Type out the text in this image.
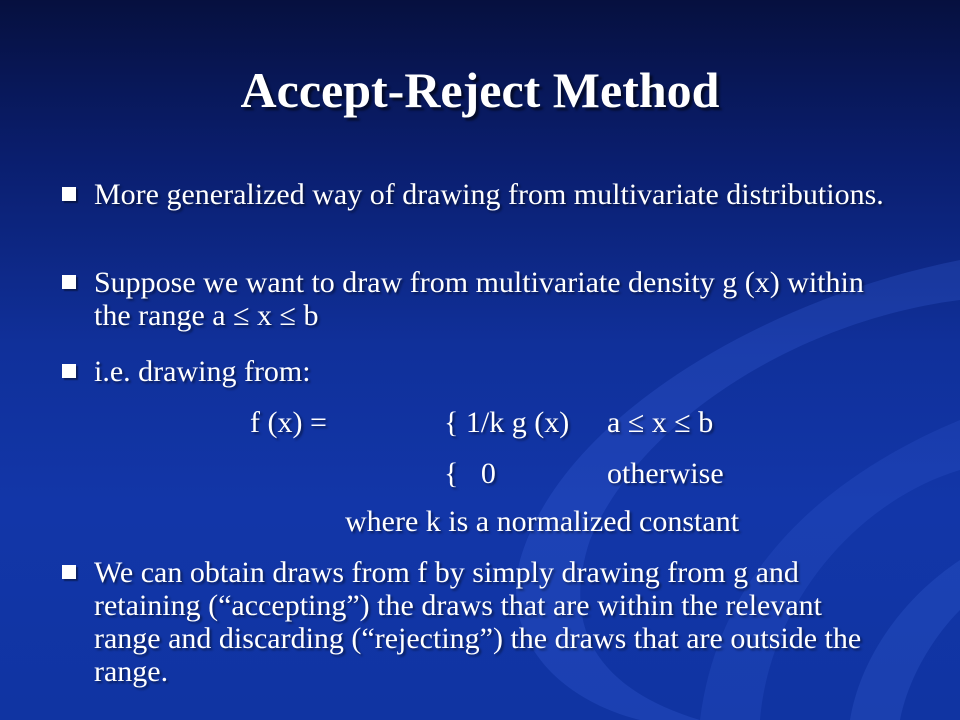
Accept-Reject Method
More generalized way of drawing from multivariate distributions.
Suppose we want to draw from multivariate density g (x) within the range a ≤ x ≤ b
i.e. drawing from:
f (x) =	{ 1/k g (x) a ≤ x ≤ b
{   0	otherwise
where k is a normalized constant
We can obtain draws from f by simply drawing from g and retaining (“accepting”) the draws that are within the relevant range and discarding (“rejecting”) the draws that are outside the range.
